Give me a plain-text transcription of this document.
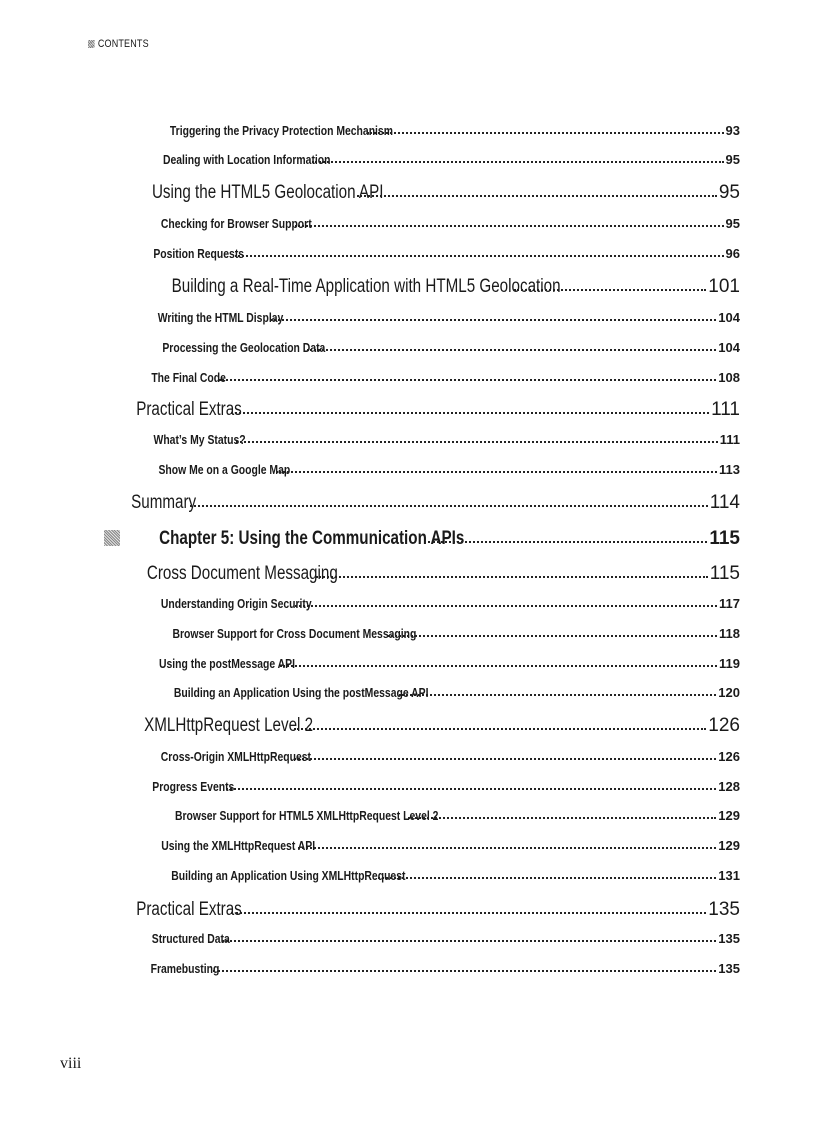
CONTENTS
Triggering the Privacy Protection Mechanism	93
Dealing with Location Information	95
Using the HTML5 Geolocation API	95
Checking for Browser Support	95
Position Requests	96
Building a Real-Time Application with HTML5 Geolocation	101
Writing the HTML Display	104
Processing the Geolocation Data	104
The Final Code	108
Practical Extras	111
What’s My Status?	111
Show Me on a Google Map	113
Summary	114
Chapter 5: Using the Communication APIs	115
Cross Document Messaging	115
Understanding Origin Security	117
Browser Support for Cross Document Messaging	118
Using the postMessage API	119
Building an Application Using the postMessage API	120
XMLHttpRequest Level 2	126
Cross-Origin XMLHttpRequest	126
Progress Events	128
Browser Support for HTML5 XMLHttpRequest Level 2	129
Using the XMLHttpRequest API	129
Building an Application Using XMLHttpRequest	131
Practical Extras	135
Structured Data	135
Framebusting	135
viii
